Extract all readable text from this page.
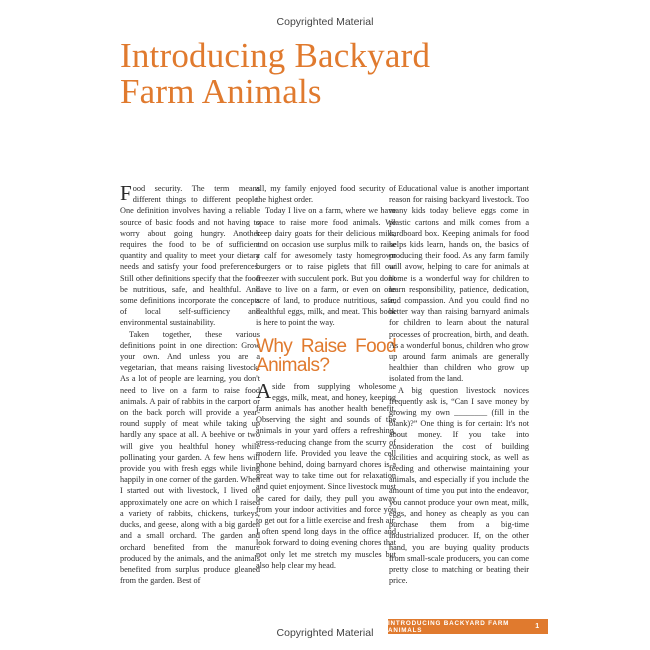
Copyrighted Material
Introducing Backyard
Farm Animals

Food security. The term means different things to different people. One definition involves having a reliable source of basic foods and not having to worry about going hungry. Another requires the food to be of sufficient quantity and quality to meet your dietary needs and satisfy your food preferences. Still other definitions specify that the food be nutritious, safe, and healthful. And some definitions incorporate the concepts of local self-sufficiency and environmental sustainability.

Taken together, these various definitions point in one direction: Grow your own. And unless you are a vegetarian, that means raising livestock. As a lot of people are learning, you don't need to live on a farm to raise food animals. A pair of rabbits in the carport or on the back porch will provide a year-round supply of meat while taking up hardly any space at all. A beehive or two will give you healthful honey while pollinating your garden. A few hens will provide you with fresh eggs while living happily in one corner of the garden. When I started out with livestock, I lived on approximately one acre on which I raised a variety of rabbits, chickens, turkeys, ducks, and geese, along with a big garden and a small orchard. The garden and orchard benefited from the manure produced by the animals, and the animals benefited from surplus produce gleaned from the garden. Best of

all, my family enjoyed food security of the highest order.

Today I live on a farm, where we have space to raise more food animals. We keep dairy goats for their delicious milk, and on occasion use surplus milk to raise a calf for awesomely tasty homegrown burgers or to raise piglets that fill our freezer with succulent pork. But you don't have to live on a farm, or even on one acre of land, to produce nutritious, safe, healthful eggs, milk, and meat. This book is here to point the way.

Why Raise Food Animals?

Aside from supplying wholesome eggs, milk, meat, and honey, keeping farm animals has another health benefit. Observing the sight and sounds of the animals in your yard offers a refreshing, stress-reducing change from the scurry of modern life. Provided you leave the cell phone behind, doing barnyard chores is a great way to take time out for relaxation and quiet enjoyment. Since livestock must be cared for daily, they pull you away from your indoor activities and force you to get out for a little exercise and fresh air. I often spend long days in the office and look forward to doing evening chores that not only let me stretch my muscles but also help clear my head.

Educational value is another important reason for raising backyard livestock. Too many kids today believe eggs come in plastic cartons and milk comes from a cardboard box. Keeping animals for food helps kids learn, hands on, the basics of producing their food. As any farm family will avow, helping to care for animals at home is a wonderful way for children to learn responsibility, patience, dedication, and compassion. And you could find no better way than raising barnyard animals for children to learn about the natural processes of procreation, birth, and death. As a wonderful bonus, children who grow up around farm animals are generally healthier than children who grow up isolated from the land.

A big question livestock novices frequently ask is, “Can I save money by growing my own ________ (fill in the blank)?” One thing is for certain: It's not about money. If you take into consideration the cost of building facilities and acquiring stock, as well as feeding and otherwise maintaining your animals, and especially if you include the amount of time you put into the endeavor, you cannot produce your own meat, milk, eggs, and honey as cheaply as you can purchase them from a big-time industrialized producer. If, on the other hand, you are buying quality products from small-scale producers, you can come pretty close to matching or beating their price.

INTRODUCING BACKYARD FARM ANIMALS	1
Copyrighted Material
